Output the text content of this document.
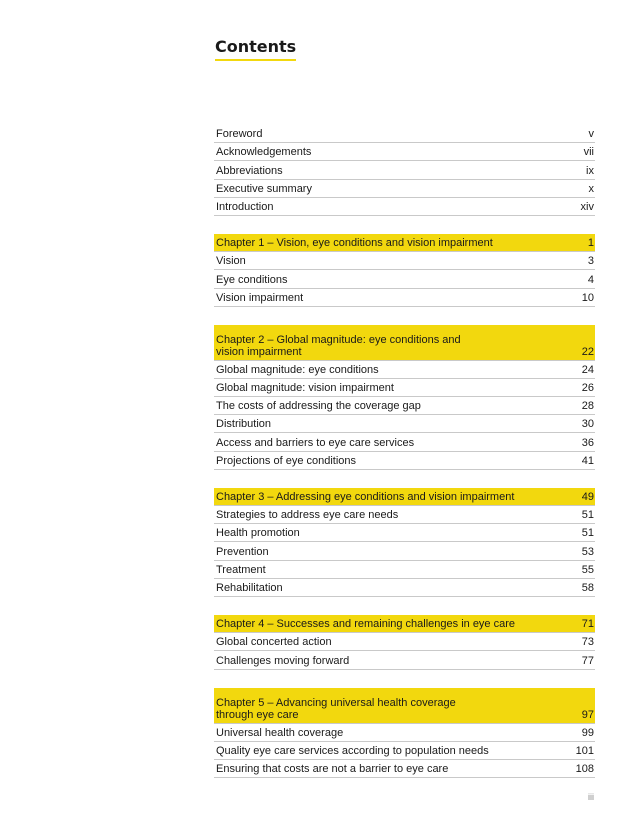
Contents
Foreword	v
Acknowledgements	vii
Abbreviations	ix
Executive summary	x
Introduction	xiv
Chapter 1 – Vision, eye conditions and vision impairment	1
Vision	3
Eye conditions	4
Vision impairment	10
Chapter 2 – Global magnitude: eye conditions and
vision impairment	22
Global magnitude: eye conditions	24
Global magnitude: vision impairment	26
The costs of addressing the coverage gap	28
Distribution	30
Access and barriers to eye care services	36
Projections of eye conditions	41
Chapter 3 – Addressing eye conditions and vision impairment	49
Strategies to address eye care needs	51
Health promotion	51
Prevention	53
Treatment	55
Rehabilitation	58
Chapter 4 – Successes and remaining challenges in eye care	71
Global concerted action	73
Challenges moving forward	77
Chapter 5 – Advancing universal health coverage
through eye care	97
Universal health coverage	99
Quality eye care services according to population needs	101
Ensuring that costs are not a barrier to eye care	108
iii
